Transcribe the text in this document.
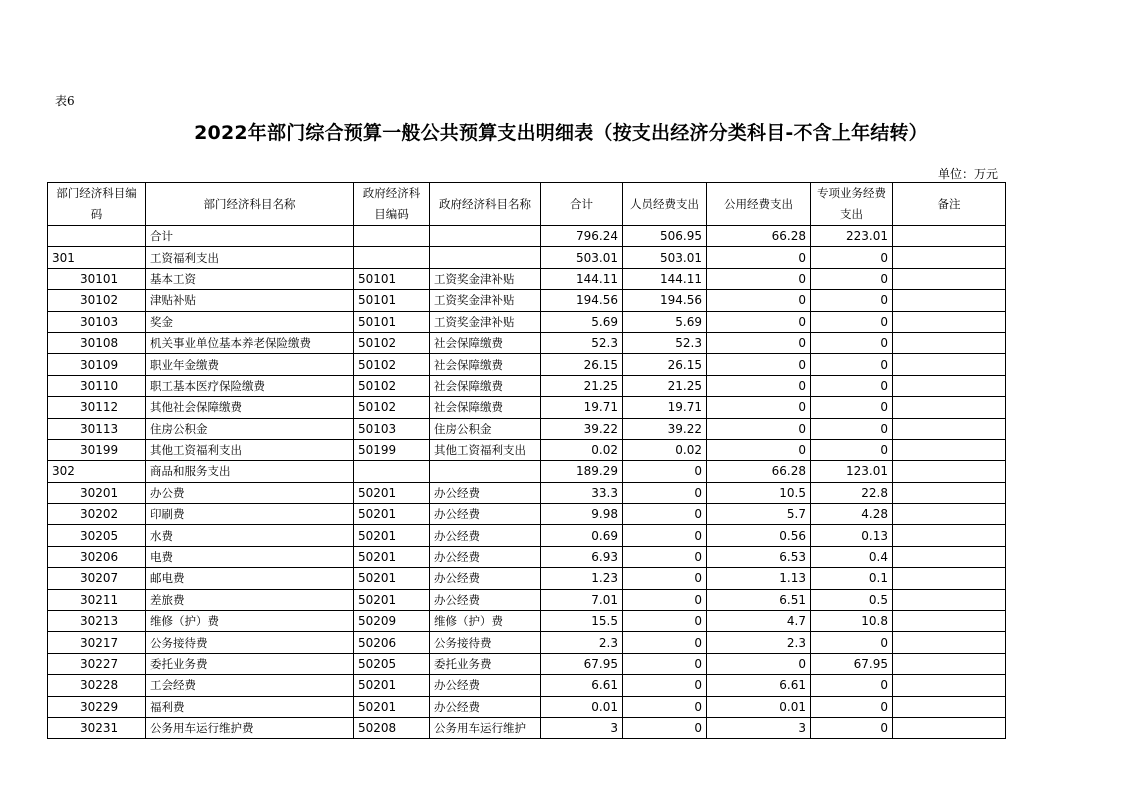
表6
2022年部门综合预算一般公共预算支出明细表（按支出经济分类科目-不含上年结转）
单位：万元
部门经济科目编码	部门经济科目名称	政府经济科目编码	政府经济科目名称	合计	人员经费支出	公用经费支出	专项业务经费支出	备注
	合计			796.24	506.95	66.28	223.01	
301	工资福利支出			503.01	503.01	0	0	
30101	基本工资	50101	工资奖金津补贴	144.11	144.11	0	0	
30102	津贴补贴	50101	工资奖金津补贴	194.56	194.56	0	0	
30103	奖金	50101	工资奖金津补贴	5.69	5.69	0	0	
30108	机关事业单位基本养老保险缴费	50102	社会保障缴费	52.3	52.3	0	0	
30109	职业年金缴费	50102	社会保障缴费	26.15	26.15	0	0	
30110	职工基本医疗保险缴费	50102	社会保障缴费	21.25	21.25	0	0	
30112	其他社会保障缴费	50102	社会保障缴费	19.71	19.71	0	0	
30113	住房公积金	50103	住房公积金	39.22	39.22	0	0	
30199	其他工资福利支出	50199	其他工资福利支出	0.02	0.02	0	0	
302	商品和服务支出			189.29	0	66.28	123.01	
30201	办公费	50201	办公经费	33.3	0	10.5	22.8	
30202	印刷费	50201	办公经费	9.98	0	5.7	4.28	
30205	水费	50201	办公经费	0.69	0	0.56	0.13	
30206	电费	50201	办公经费	6.93	0	6.53	0.4	
30207	邮电费	50201	办公经费	1.23	0	1.13	0.1	
30211	差旅费	50201	办公经费	7.01	0	6.51	0.5	
30213	维修（护）费	50209	维修（护）费	15.5	0	4.7	10.8	
30217	公务接待费	50206	公务接待费	2.3	0	2.3	0	
30227	委托业务费	50205	委托业务费	67.95	0	0	67.95	
30228	工会经费	50201	办公经费	6.61	0	6.61	0	
30229	福利费	50201	办公经费	0.01	0	0.01	0	
30231	公务用车运行维护费	50208	公务用车运行维护	3	0	3	0	
